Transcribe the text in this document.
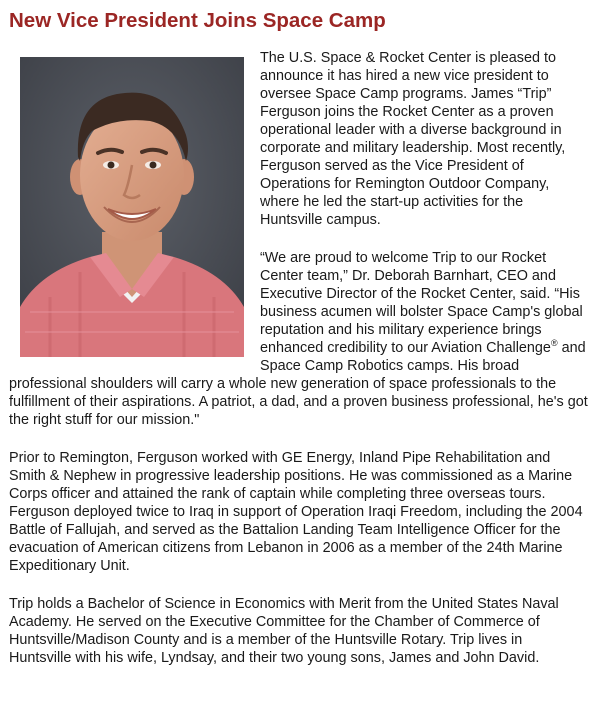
New Vice President Joins Space Camp

The U.S. Space & Rocket Center is pleased to announce it has hired a new vice president to oversee Space Camp programs. James “Trip” Ferguson joins the Rocket Center as a proven operational leader with a diverse background in corporate and military leadership. Most recently, Ferguson served as the Vice President of Operations for Remington Outdoor Company, where he led the start-up activities for the Huntsville campus.

“We are proud to welcome Trip to our Rocket Center team,” Dr. Deborah Barnhart, CEO and Executive Director of the Rocket Center, said. “His business acumen will bolster Space Camp's global reputation and his military experience brings enhanced credibility to our Aviation Challenge® and Space Camp Robotics camps. His broad professional shoulders will carry a whole new generation of space professionals to the fulfillment of their aspirations. A patriot, a dad, and a proven business professional, he's got the right stuff for our mission."

Prior to Remington, Ferguson worked with GE Energy, Inland Pipe Rehabilitation and Smith & Nephew in progressive leadership positions. He was commissioned as a Marine Corps officer and attained the rank of captain while completing three overseas tours. Ferguson deployed twice to Iraq in support of Operation Iraqi Freedom, including the 2004 Battle of Fallujah, and served as the Battalion Landing Team Intelligence Officer for the evacuation of American citizens from Lebanon in 2006 as a member of the 24th Marine Expeditionary Unit.

Trip holds a Bachelor of Science in Economics with Merit from the United States Naval Academy. He served on the Executive Committee for the Chamber of Commerce of Huntsville/Madison County and is a member of the Huntsville Rotary. Trip lives in Huntsville with his wife, Lyndsay, and their two young sons, James and John David.
